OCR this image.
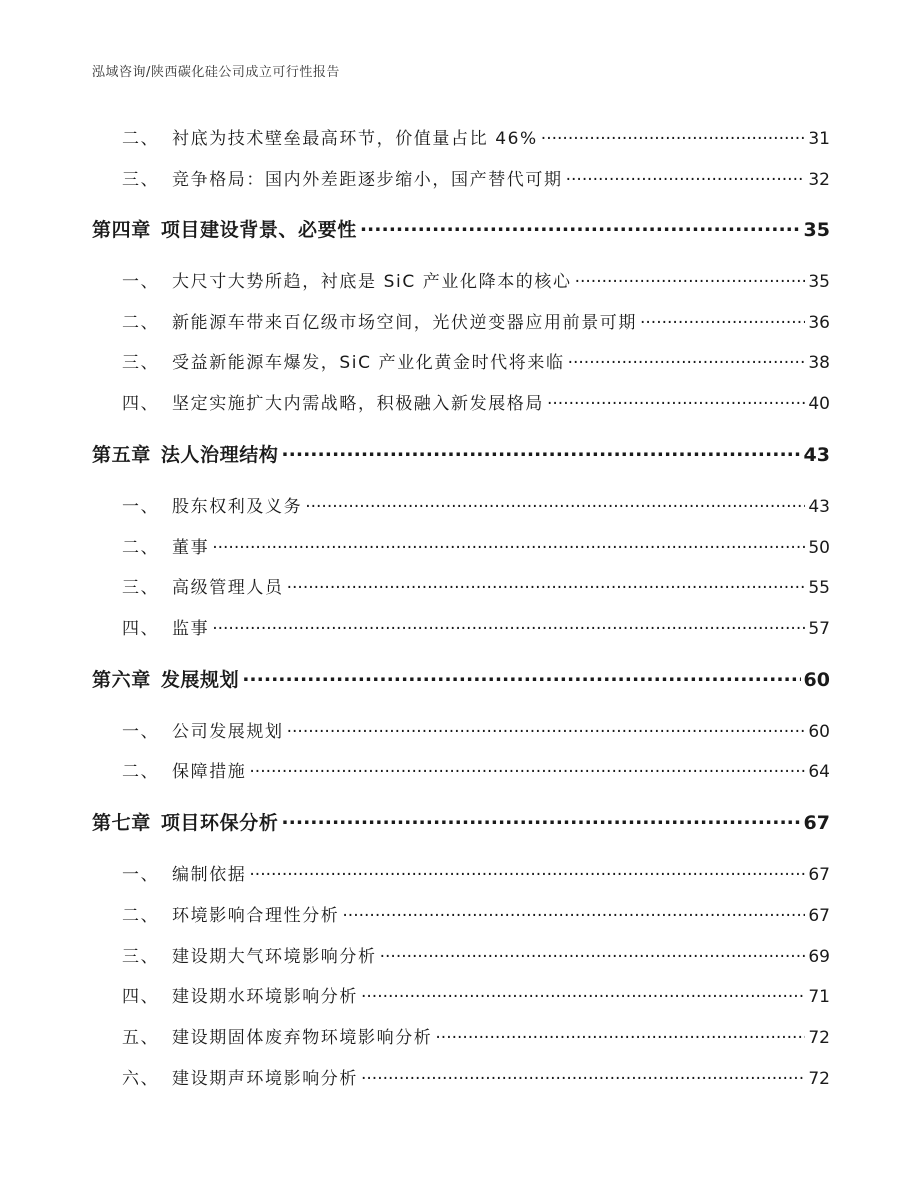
泓域咨询/陕西碳化硅公司成立可行性报告
二、 衬底为技术壁垒最高环节，价值量占比 46% .....	31
三、 竞争格局：国内外差距逐步缩小，国产替代可期 .....	32
第四章 项目建设背景、必要性 .....	35
一、 大尺寸大势所趋，衬底是 SiC 产业化降本的核心 .....	35
二、 新能源车带来百亿级市场空间，光伏逆变器应用前景可期 .....	36
三、 受益新能源车爆发，SiC 产业化黄金时代将来临 .....	38
四、 坚定实施扩大内需战略，积极融入新发展格局 .....	40
第五章 法人治理结构 .....	43
一、 股东权利及义务 .....	43
二、 董事 .....	50
三、 高级管理人员 .....	55
四、 监事 .....	57
第六章 发展规划 .....	60
一、 公司发展规划 .....	60
二、 保障措施 .....	64
第七章 项目环保分析 .....	67
一、 编制依据 .....	67
二、 环境影响合理性分析 .....	67
三、 建设期大气环境影响分析 .....	69
四、 建设期水环境影响分析 .....	71
五、 建设期固体废弃物环境影响分析 .....	72
六、 建设期声环境影响分析 .....	72
